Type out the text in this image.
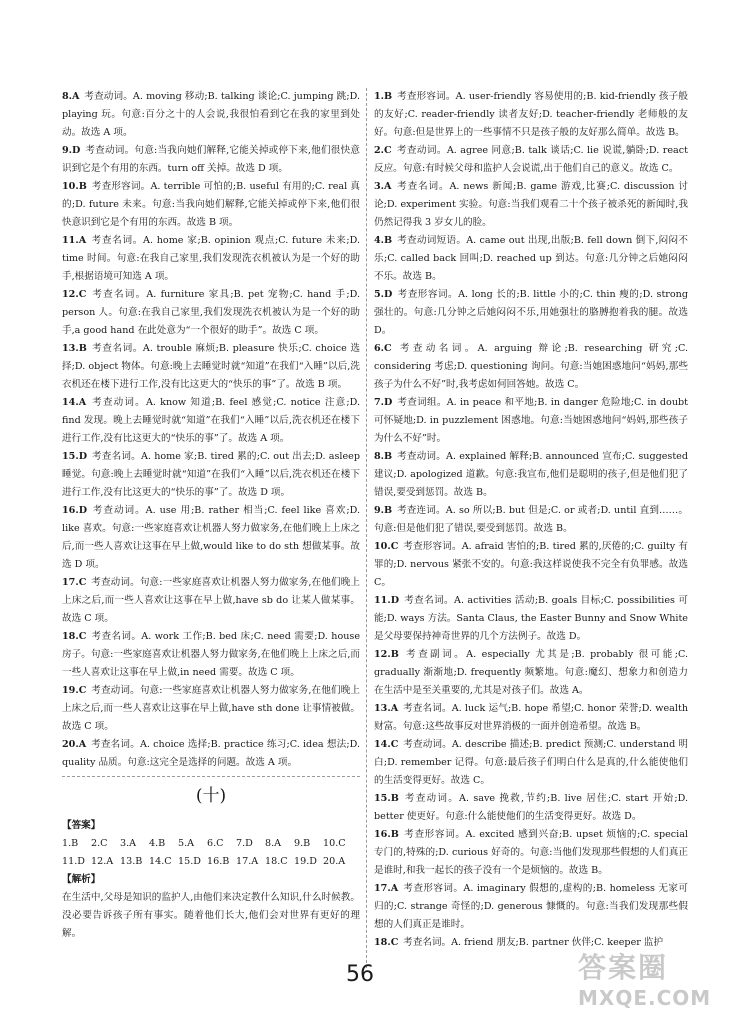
8.A  考查动词。A. moving 移动;B. talking 谈论;C. jumping 跳;D. playing 玩。句意:百分之十的人会说,我很怕看到它在我的家里到处动。故选 A 项。

9.D  考查动词。句意:当我向她们解释,它能关掉或停下来,他们很快意识到它是个有用的东西。turn off 关掉。故选 D 项。

10.B  考查形容词。A. terrible 可怕的;B. useful 有用的;C. real 真的;D. future 未来。句意:当我向她们解释,它能关掉或停下来,他们很快意识到它是个有用的东西。故选 B 项。

11.A  考查名词。A. home 家;B. opinion 观点;C. future 未来;D. time 时间。句意:在我自己家里,我们发现洗衣机被认为是一个好的助手,根据语境可知选 A 项。

12.C  考查名词。A. furniture 家具;B. pet 宠物;C. hand 手;D. person 人。句意:在我自己家里,我们发现洗衣机被认为是一个好的助手,a good hand 在此处意为“一个很好的助手”。故选 C 项。

13.B  考查名词。A. trouble 麻烦;B. pleasure 快乐;C. choice 选择;D. object 物体。句意:晚上去睡觉时就“知道”在我们“入睡”以后,洗衣机还在楼下进行工作,没有比这更大的“快乐的事”了。故选 B 项。

14.A  考查动词。A. know 知道;B. feel 感觉;C. notice 注意;D. find 发现。晚上去睡觉时就“知道”在我们“入睡”以后,洗衣机还在楼下进行工作,没有比这更大的“快乐的事”了。故选 A 项。

15.D  考查名词。A. home 家;B. tired 累的;C. out 出去;D. asleep 睡觉。句意:晚上去睡觉时就“知道”在我们“入睡”以后,洗衣机还在楼下进行工作,没有比这更大的“快乐的事”了。故选 D 项。

16.D  考查动词。A. use 用;B. rather 相当;C. feel like 喜欢;D. like 喜欢。句意:一些家庭喜欢让机器人努力做家务,在他们晚上上床之后,而一些人喜欢让这事在早上做,would like to do sth 想做某事。故选 D 项。

17.C  考查动词。句意:一些家庭喜欢让机器人努力做家务,在他们晚上上床之后,而一些人喜欢让这事在早上做,have sb do 让某人做某事。故选 C 项。

18.C  考查名词。A. work 工作;B. bed 床;C. need 需要;D. house 房子。句意:一些家庭喜欢让机器人努力做家务,在他们晚上上床之后,而一些人喜欢让这事在早上做,in need 需要。故选 C 项。

19.C  考查动词。句意:一些家庭喜欢让机器人努力做家务,在他们晚上上床之后,而一些人喜欢让这事在早上做,have sth done 让事情被做。故选 C 项。

20.A  考查名词。A. choice 选择;B. practice 练习;C. idea 想法;D. quality 品质。句意:这完全是选择的问题。故选 A 项。

(十)
【答案】
1.B	2.C	3.A	4.B	5.A	6.C	7.D	8.A	9.B	10.C
11.D 12.A 13.B 14.C 15.D 16.B 17.A 18.C 19.D 20.A
【解析】

在生活中,父母是知识的监护人,由他们来决定教什么知识,什么时候教。没必要告诉孩子所有事实。随着他们长大,他们会对世界有更好的理解。

1.B  考查形容词。A. user-friendly 容易使用的;B. kid-friendly 孩子般的友好;C. reader-friendly 读者友好;D. teacher-friendly 老师般的友好。句意:但是世界上的一些事情不只是孩子般的友好那么简单。故选 B。

2.C  考查动词。A. agree 同意;B. talk 谈话;C. lie 说谎,躺卧;D. react 反应。句意:有时候父母和监护人会说谎,出于他们自己的意义。故选 C。

3.A  考查名词。A. news 新闻;B. game 游戏,比赛;C. discussion 讨论;D. experiment 实验。句意:当我们观看二十个孩子被杀死的新闻时,我仍然记得我 3 岁女儿的脸。

4.B  考查动词短语。A. came out 出现,出版;B. fell down 倒下,闷闷不乐;C. called back 回叫;D. reached up 到达。句意:几分钟之后她闷闷不乐。故选 B。

5.D  考查形容词。A. long 长的;B. little 小的;C. thin 瘦的;D. strong 强壮的。句意:几分钟之后她闷闷不乐,用她强壮的胳膊抱着我的腿。故选 D。

6.C  考查动名词。A. arguing 辩论;B. researching 研究;C. considering 考虑;D. questioning 询问。句意:当她困惑地问“妈妈,那些孩子为什么不好”时,我考虑如何回答她。故选 C。

7.D  考查词组。A. in peace 和平地;B. in danger 危险地;C. in doubt 可怀疑地;D. in puzzlement 困惑地。句意:当她困惑地问“妈妈,那些孩子为什么不好”时。

8.B  考查动词。A. explained 解释;B. announced 宣布;C. suggested 建议;D. apologized 道歉。句意:我宣布,他们是聪明的孩子,但是他们犯了错误,要受到惩罚。故选 B。

9.B  考查连词。A. so 所以;B. but 但是;C. or 或者;D. until 直到……。句意:但是他们犯了错误,要受到惩罚。故选 B。

10.C  考查形容词。A. afraid 害怕的;B. tired 累的,厌倦的;C. guilty 有罪的;D. nervous 紧张不安的。句意:我这样说使我不完全有负罪感。故选 C。

11.D  考查名词。A. activities 活动;B. goals 目标;C. possibilities 可能;D. ways 方法。Santa Claus, the Easter Bunny and Snow White 是父母要保持神奇世界的几个方法例子。故选 D。

12.B  考查副词。A. especially 尤其是;B. probably 很可能;C. gradually 渐渐地;D. frequently 频繁地。句意:魔幻、想象力和创造力在生活中是至关重要的,尤其是对孩子们。故选 A。

13.A  考查名词。A. luck 运气;B. hope 希望;C. honor 荣誉;D. wealth 财富。句意:这些故事反对世界消极的一面并创造希望。故选 B。

14.C  考查动词。A. describe 描述;B. predict 预测;C. understand 明白;D. remember 记得。句意:最后孩子们明白什么是真的,什么能使他们的生活变得更好。故选 C。

15.B  考查动词。A. save 挽救,节约;B. live 居住;C. start 开始;D. better 使更好。句意:什么能使他们的生活变得更好。故选 D。

16.B  考查形容词。A. excited 感到兴奋;B. upset 烦恼的;C. special 专门的,特殊的;D. curious 好奇的。句意:当他们发现那些假想的人们真正是谁时,和我一起长的孩子没有一个是烦恼的。故选 B。

17.A  考查形容词。A. imaginary 假想的,虚构的;B. homeless 无家可归的;C. strange 奇怪的;D. generous 慷慨的。句意:当我们发现那些假想的人们真正是谁时。

18.C  考查名词。A. friend 朋友;B. partner 伙伴;C. keeper 监护

56	答案圈
MXQE.COM
